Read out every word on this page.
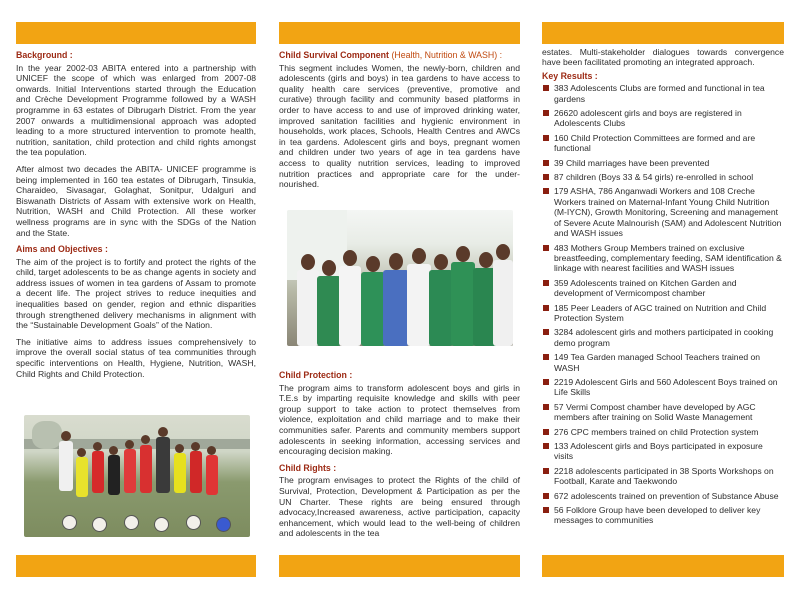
Background :

In the year 2002-03 ABITA entered into a partnership with UNICEF the scope of which was enlarged from 2007-08 onwards. Initial Interventions started through the Education and Crèche Development Programme followed by a WASH programme in 63 estates of Dibrugarh District. From the year 2007 onwards a multidimensional approach was adopted leading to a more structured intervention to promote health, nutrition, sanitation, child protection and child rights amongst the tea population.

After almost two decades the ABITA- UNICEF programme is being implemented in 160 tea estates of Dibrugarh, Tinsukia, Charaideo, Sivasagar, Golaghat, Sonitpur, Udalguri and Biswanath Districts of Assam with extensive work on Health, Nutrition, WASH and Child Protection. All these worker wellness programs are in sync with the SDGs of the Nation and the State.

Aims and Objectives :

The aim of the project is to fortify and protect the rights of the child, target adolescents to be as change agents in society and address issues of women in tea gardens of Assam to promote a decent life. The project strives to reduce inequities and inequalities based on gender, region and ethnic disparities through strengthened delivery mechanisms in alignment with the “Sustainable Development Goals” of the Nation.

The initiative aims to address issues comprehensively to improve the overall social status of tea communities through specific interventions on Health, Hygiene, Nutrition, WASH, Child Rights and Child Protection.

Child Survival Component (Health, Nutrition & WASH) :

This segment includes Women, the newly-born, children and adolescents (girls and boys) in tea gardens to have access to quality health care services (preventive, promotive and curative) through facility and community based platforms in order to have access to and use of improved drinking water, improved sanitation facilities and hygienic environment in households, work places, Schools, Health Centres and AWCs in tea gardens. Adolescent girls and boys, pregnant women and children under two years of age in tea gardens have access to quality nutrition services, leading to improved nutrition practices and appropriate care for the under-nourished.

Child Protection :

The program aims to transform adolescent boys and girls in T.E.s by imparting requisite knowledge and skills with peer group support to take action to protect themselves from violence, exploitation and child marriage and to make their communities safer. Parents and community members support adolescents in seeking information, accessing services and encouraging decision making.

Child Rights :

The program envisages to protect the Rights of the child of Survival, Protection, Development & Participation as per the UN Charter. These rights are being ensured through advocacy,Increased awareness, active participation, capacity enhancement, which would lead to the well-being of children and adolescents in the tea

estates. Multi-stakeholder dialogues towards convergence have been facilitated promoting an integrated approach.

Key Results :
383 Adolescents Clubs are formed and functional in tea gardens
26620 adolescent girls and boys are registered in Adolescents Clubs
160 Child Protection Committees are formed and are functional
39 Child marriages have been prevented
87 children (Boys 33 & 54 girls) re-enrolled in school
179 ASHA, 786 Anganwadi Workers and 108 Creche Workers trained on Maternal-Infant Young Child Nutrition (M-IYCN), Growth Monitoring, Screening and management of Severe Acute Malnourish (SAM) and Adolescent Nutrition and WASH issues
483 Mothers Group Members trained on exclusive breastfeeding, complementary feeding, SAM identification & linkage with nearest facilities and WASH issues
359 Adolescents trained on Kitchen Garden and development of Vermicompost chamber
185 Peer Leaders of AGC trained on Nutrition and Child Protection System
3284 adolescent girls and mothers participated in cooking demo program
149 Tea Garden managed School Teachers trained on WASH
2219 Adolescent Girls and 560 Adolescent Boys trained on Life Skills
57 Vermi Compost chamber have developed by AGC members after training on Solid Waste Management
276 CPC members trained on child Protection system
133 Adolescent girls and Boys participated in exposure visits
2218 adolescents participated in 38 Sports Workshops on Football, Karate and Taekwondo
672 adolescents trained on prevention of Substance Abuse
56 Folklore Group have been developed to deliver key messages to communities
